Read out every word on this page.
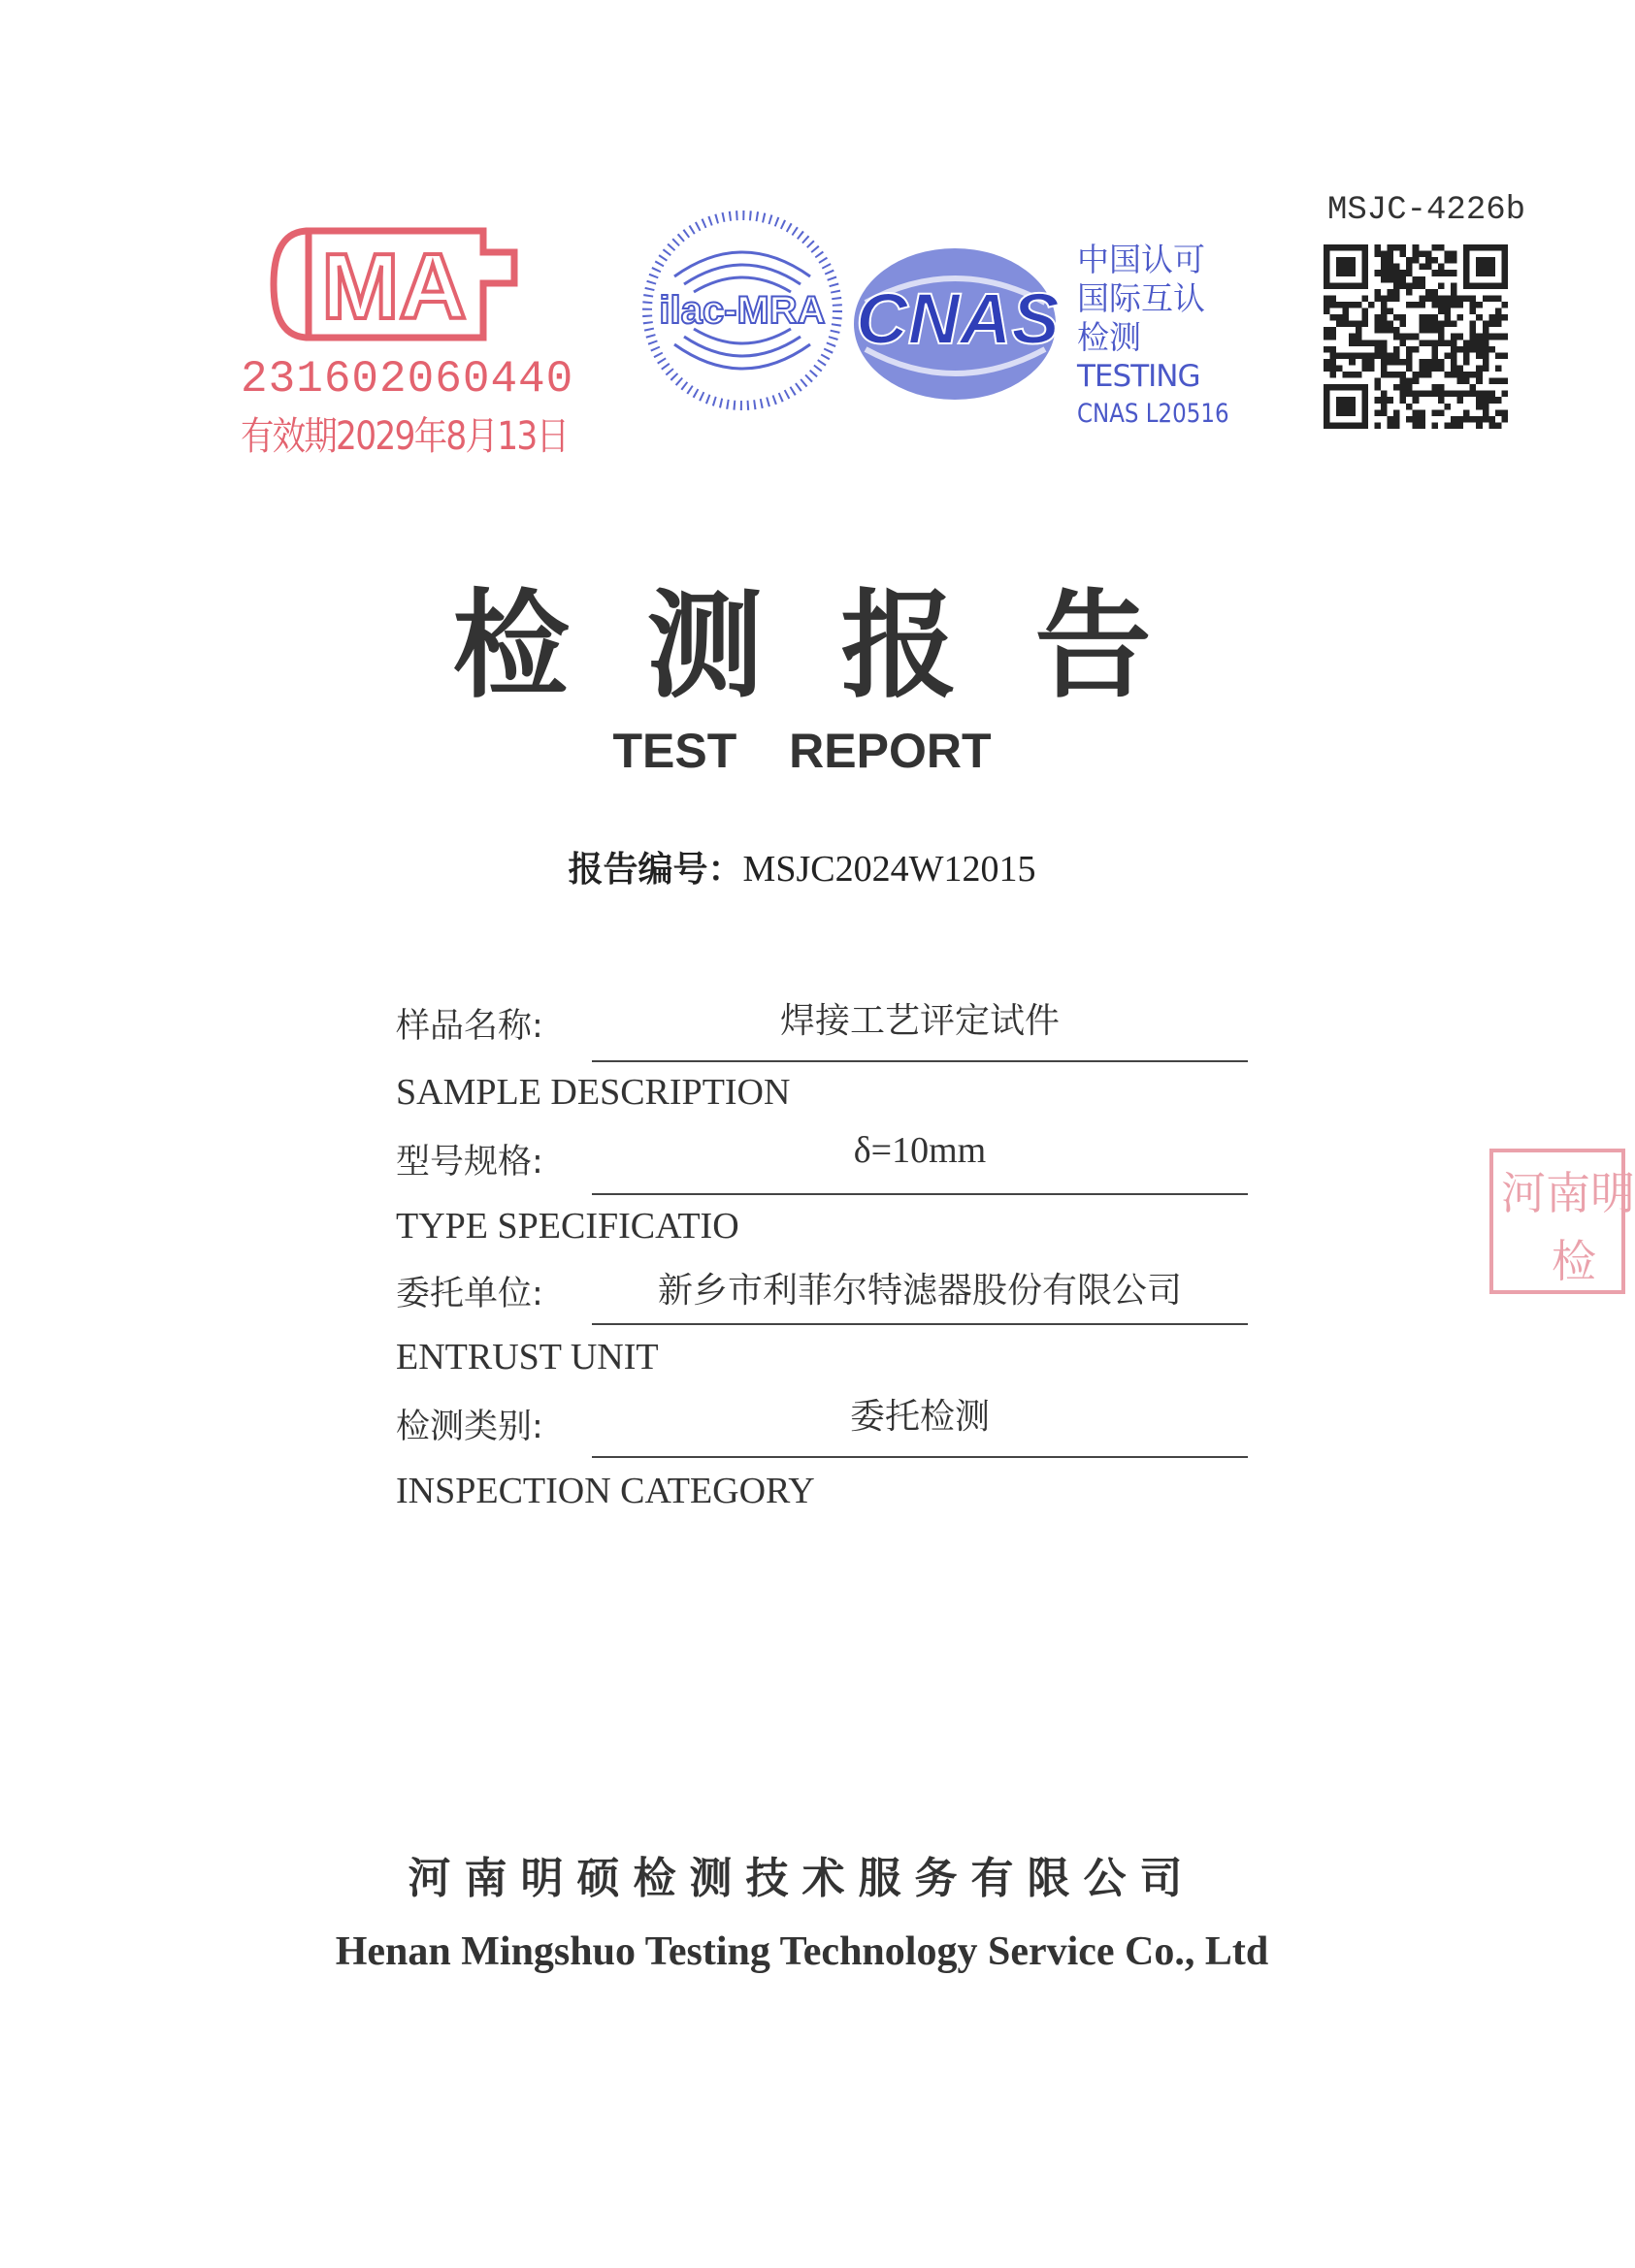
MA
231602060440
有效期2029年8月13日
ilac-MRA CNAS
中国认可
国际互认
检测
TESTING
CNAS L20516
MSJC-4226b
检测报告
TEST REPORT
报告编号：MSJC2024W12015
样品名称:	焊接工艺评定试件
SAMPLE DESCRIPTION
型号规格:	δ=10mm
TYPE SPECIFICATIO
委托单位:	新乡市利菲尔特滤器股份有限公司
ENTRUST UNIT
检测类别:	委托检测
INSPECTION CATEGORY
河南明
检
河南明硕检测技术服务有限公司
Henan Mingshuo Testing Technology Service Co., Ltd
